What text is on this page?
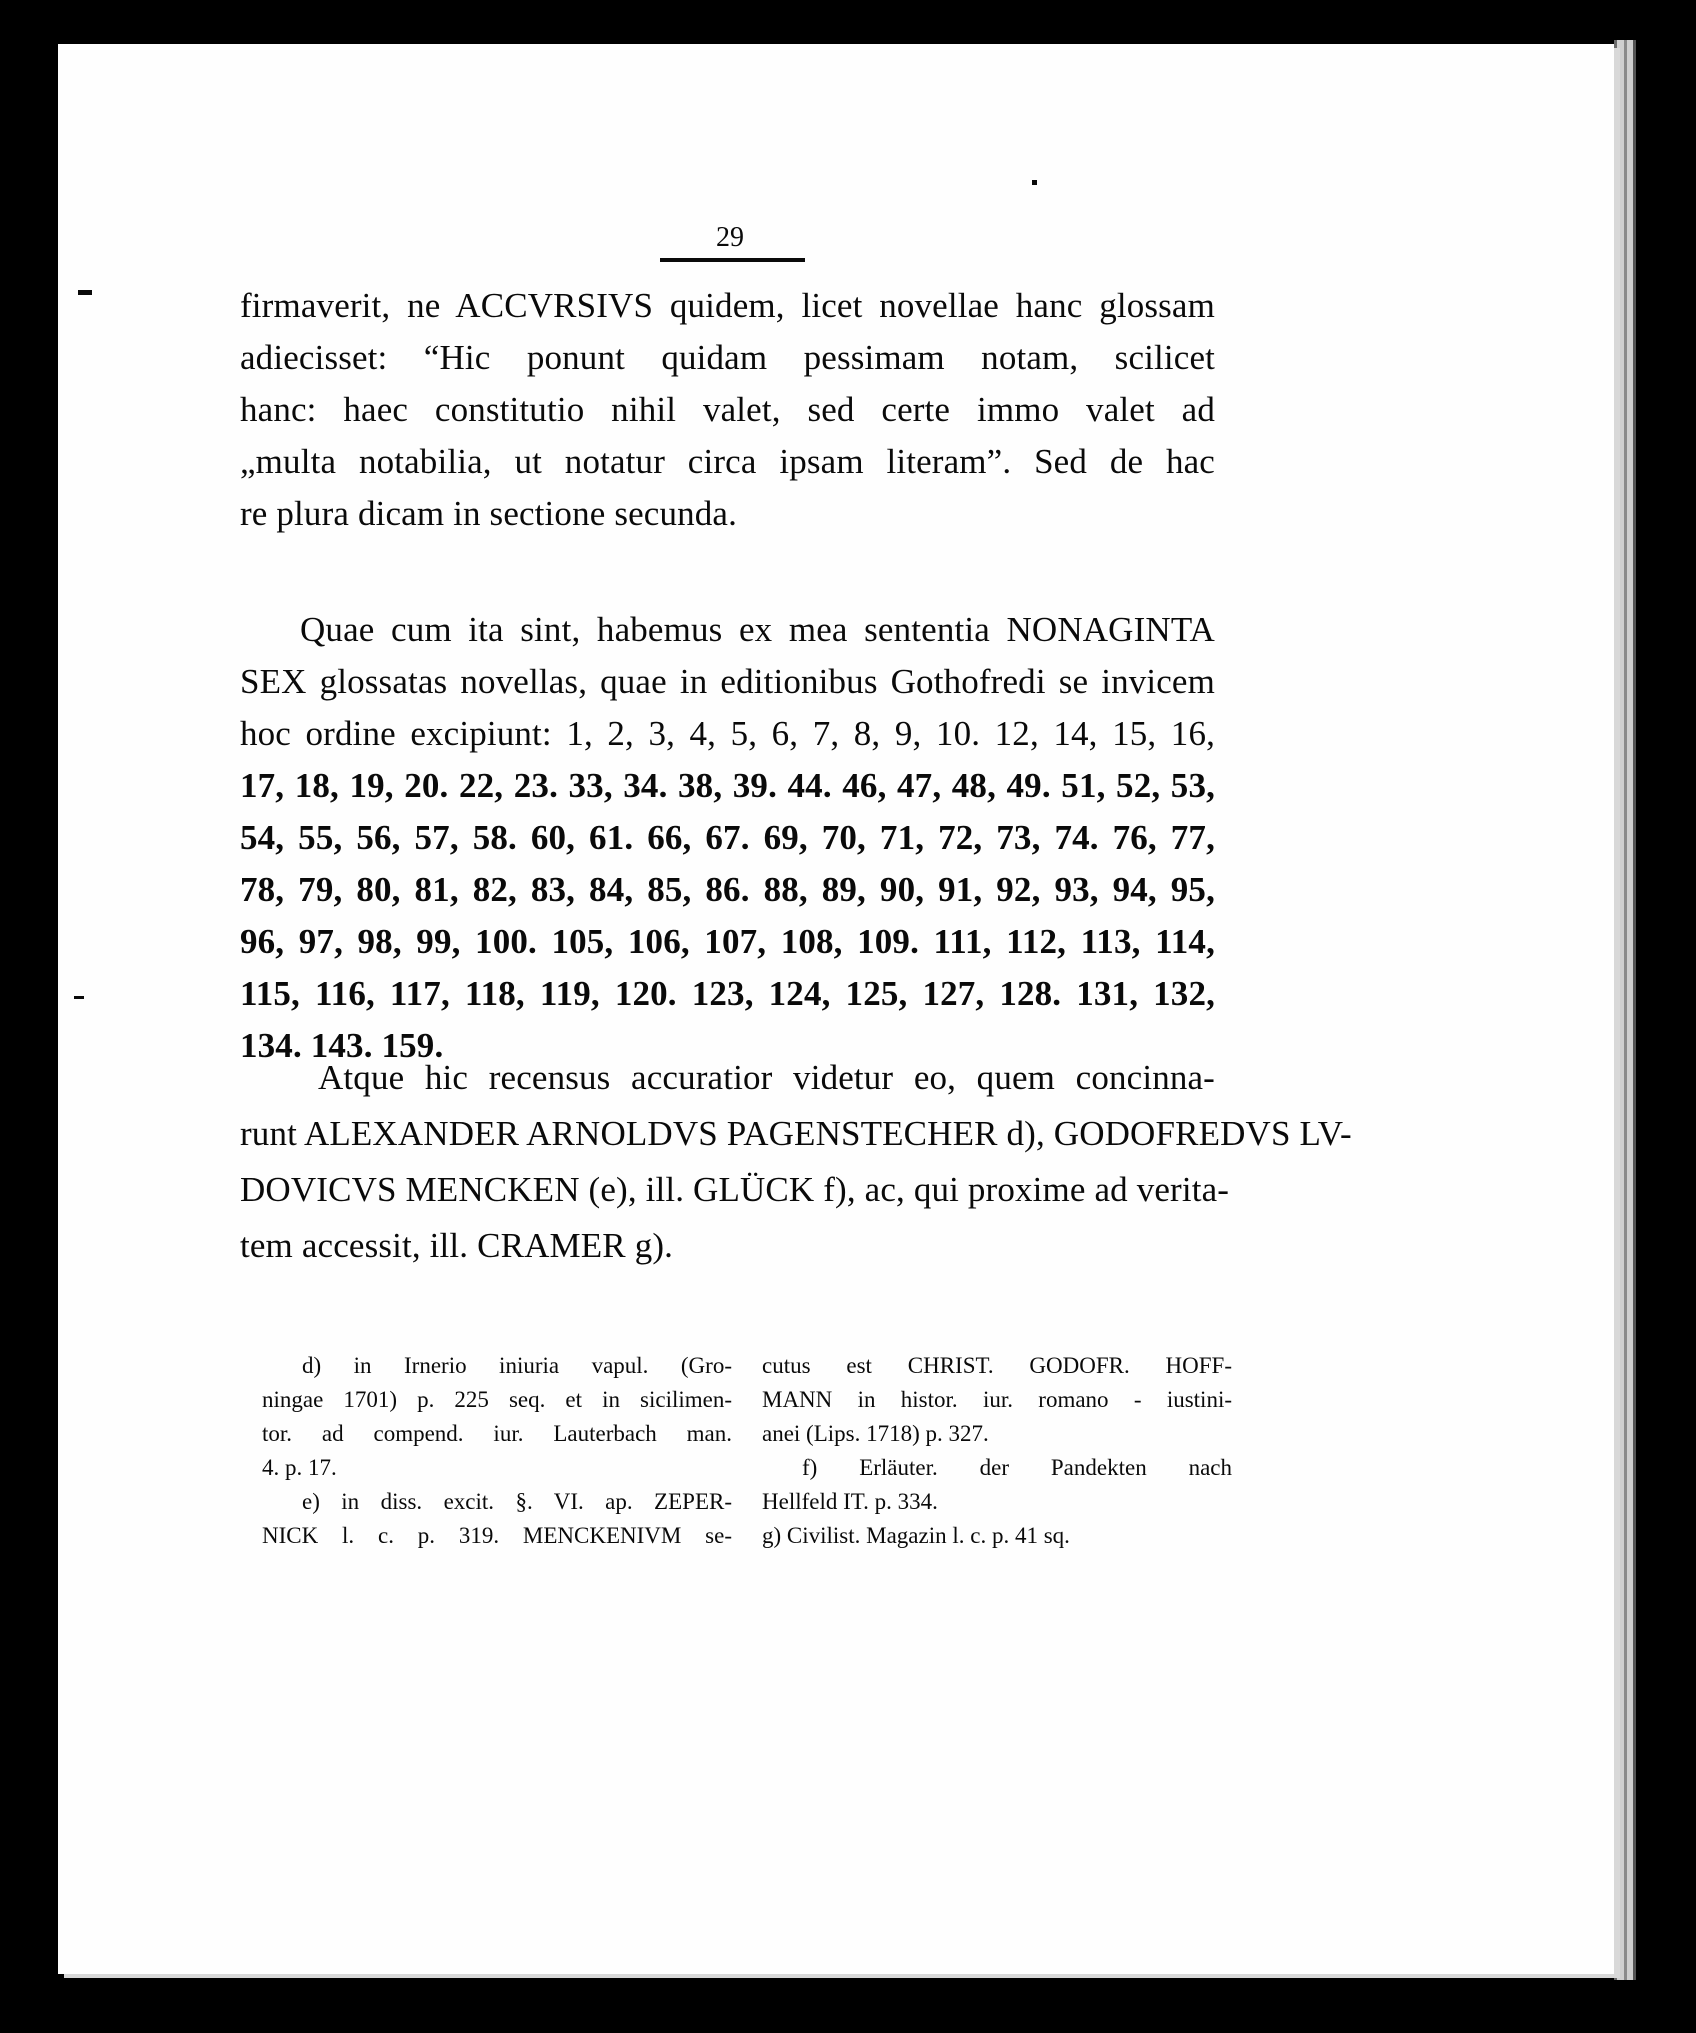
29
firmaverit, ne ACCVRSIVS quidem, licet novellae hanc glossam
adiecisset: “Hic ponunt quidam pessimam notam, scilicet
hanc: haec constitutio nihil valet, sed certe immo valet ad
„multa notabilia, ut notatur circa ipsam literam”. Sed de hac
re plura dicam in sectione secunda.
Quae cum ita sint, habemus ex mea sententia NONAGINTA
SEX glossatas novellas, quae in editionibus Gothofredi se invicem
hoc ordine excipiunt: 1, 2, 3, 4, 5, 6, 7, 8, 9, 10. 12, 14, 15, 16,
17, 18, 19, 20. 22, 23. 33, 34. 38, 39. 44. 46, 47, 48, 49. 51, 52, 53,
54, 55, 56, 57, 58. 60, 61. 66, 67. 69, 70, 71, 72, 73, 74. 76, 77,
78, 79, 80, 81, 82, 83, 84, 85, 86. 88, 89, 90, 91, 92, 93, 94, 95,
96, 97, 98, 99, 100. 105, 106, 107, 108, 109. 111, 112, 113, 114,
115, 116, 117, 118, 119, 120. 123, 124, 125, 127, 128. 131, 132,
134. 143. 159.
Atque hic recensus accuratior videtur eo, quem concinna-
runt ALEXANDER ARNOLDVS PAGENSTECHER d), GODOFREDVS LV-
DOVICVS MENCKEN (e), ill. GLÜCK f), ac, qui proxime ad verita-
tem accessit, ill. CRAMER g).
d) in Irnerio iniuria vapul. (Gro-
ningae 1701) p. 225 seq. et in sicilimen-
tor. ad compend. iur. Lauterbach man.
4. p. 17.
e) in diss. excit. §. VI. ap. ZEPER-
NICK l. c. p. 319. MENCKENIVM se-
cutus est CHRIST. GODOFR. HOFF-
MANN in histor. iur. romano - iustini-
anei (Lips. 1718) p. 327.
f) Erläuter. der Pandekten nach
Hellfeld IT. p. 334.
g) Civilist. Magazin l. c. p. 41 sq.
